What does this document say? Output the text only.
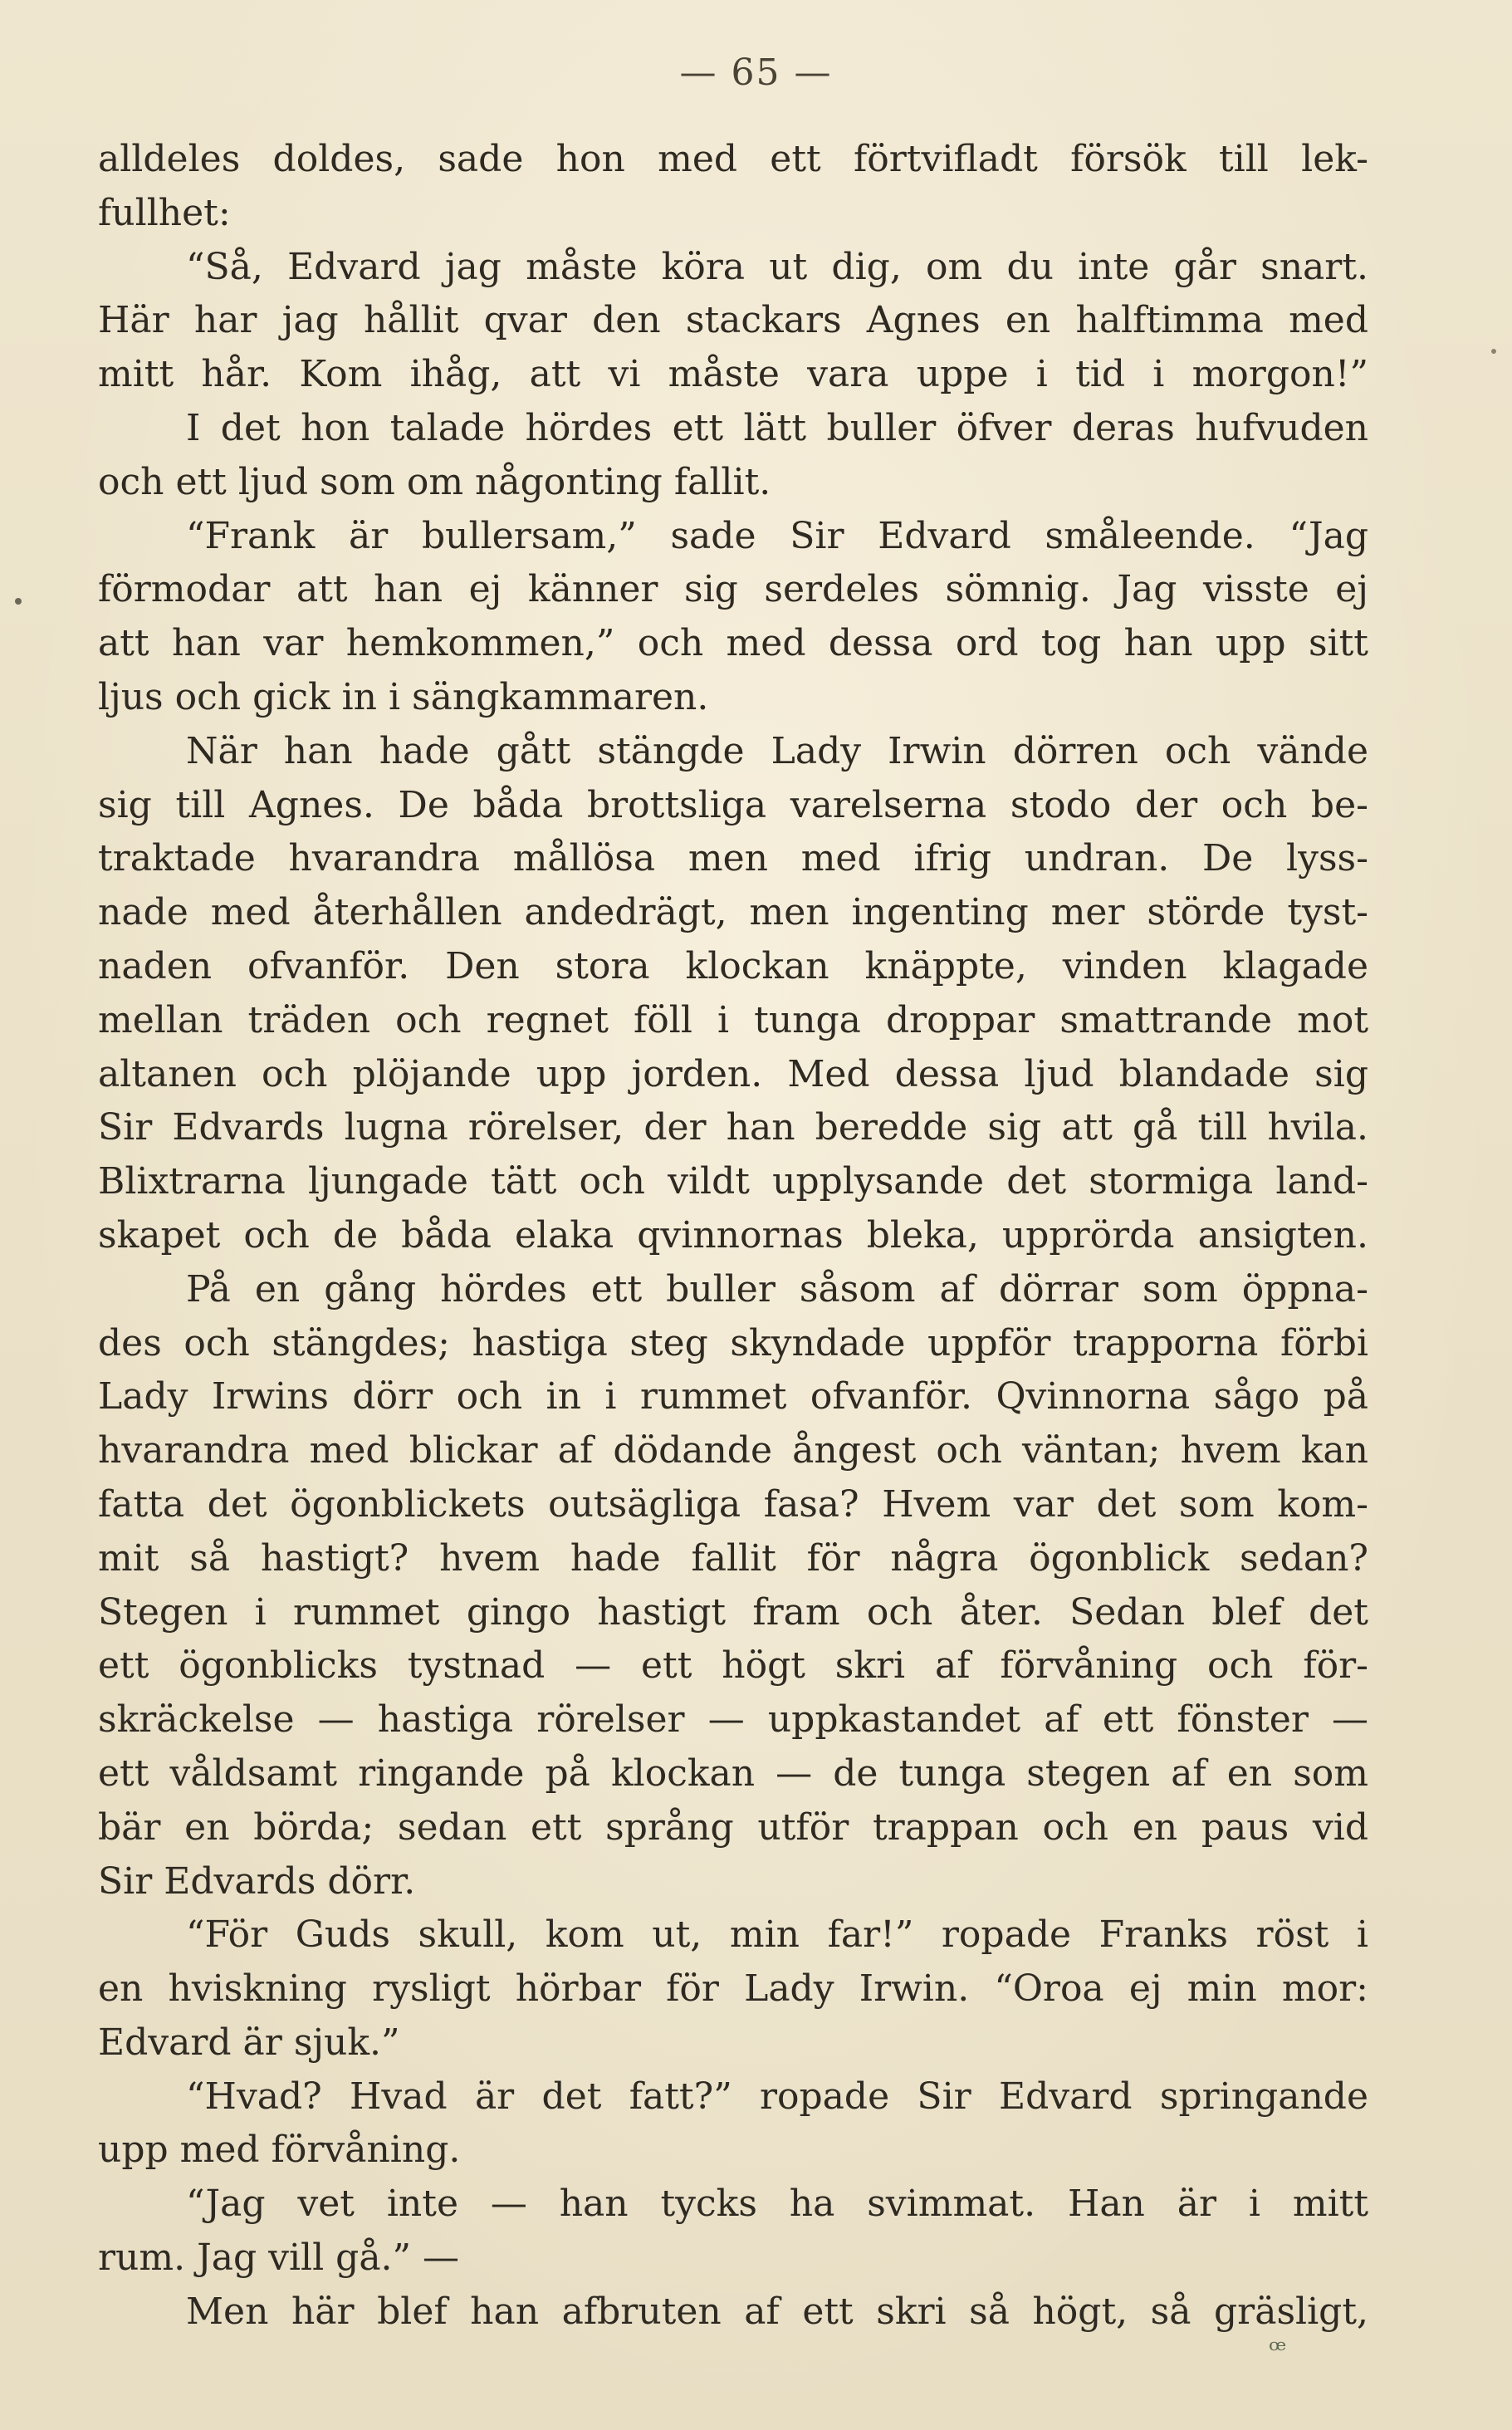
— 65 —
alldeles doldes, sade hon med ett förtvifladt försök till lek-
fullhet:
“Så, Edvard jag måste köra ut dig, om du inte går snart.
Här har jag hållit qvar den stackars Agnes en halftimma med
mitt hår. Kom ihåg, att vi måste vara uppe i tid i morgon!”
I det hon talade hördes ett lätt buller öfver deras hufvuden
och ett ljud som om någonting fallit.
“Frank är bullersam,” sade Sir Edvard småleende. “Jag
förmodar att han ej känner sig serdeles sömnig. Jag visste ej
att han var hemkommen,” och med dessa ord tog han upp sitt
ljus och gick in i sängkammaren.
När han hade gått stängde Lady Irwin dörren och vände
sig till Agnes. De båda brottsliga varelserna stodo der och be-
traktade hvarandra mållösa men med ifrig undran. De lyss-
nade med återhållen andedrägt, men ingenting mer störde tyst-
naden ofvanför. Den stora klockan knäppte, vinden klagade
mellan träden och regnet föll i tunga droppar smattrande mot
altanen och plöjande upp jorden. Med dessa ljud blandade sig
Sir Edvards lugna rörelser, der han beredde sig att gå till hvila.
Blixtrarna ljungade tätt och vildt upplysande det stormiga land-
skapet och de båda elaka qvinnornas bleka, upprörda ansigten.
På en gång hördes ett buller såsom af dörrar som öppna-
des och stängdes; hastiga steg skyndade uppför trapporna förbi
Lady Irwins dörr och in i rummet ofvanför. Qvinnorna sågo på
hvarandra med blickar af dödande ångest och väntan; hvem kan
fatta det ögonblickets outsägliga fasa? Hvem var det som kom-
mit så hastigt? hvem hade fallit för några ögonblick sedan?
Stegen i rummet gingo hastigt fram och åter. Sedan blef det
ett ögonblicks tystnad — ett högt skri af förvåning och för-
skräckelse — hastiga rörelser — uppkastandet af ett fönster —
ett våldsamt ringande på klockan — de tunga stegen af en som
bär en börda; sedan ett språng utför trappan och en paus vid
Sir Edvards dörr.
“För Guds skull, kom ut, min far!” ropade Franks röst i
en hviskning rysligt hörbar för Lady Irwin. “Oroa ej min mor:
Edvard är sjuk.”
“Hvad? Hvad är det fatt?” ropade Sir Edvard springande
upp med förvåning.
“Jag vet inte — han tycks ha svimmat. Han är i mitt
rum. Jag vill gå.” —
Men här blef han afbruten af ett skri så högt, så gräsligt,
ꟹ
